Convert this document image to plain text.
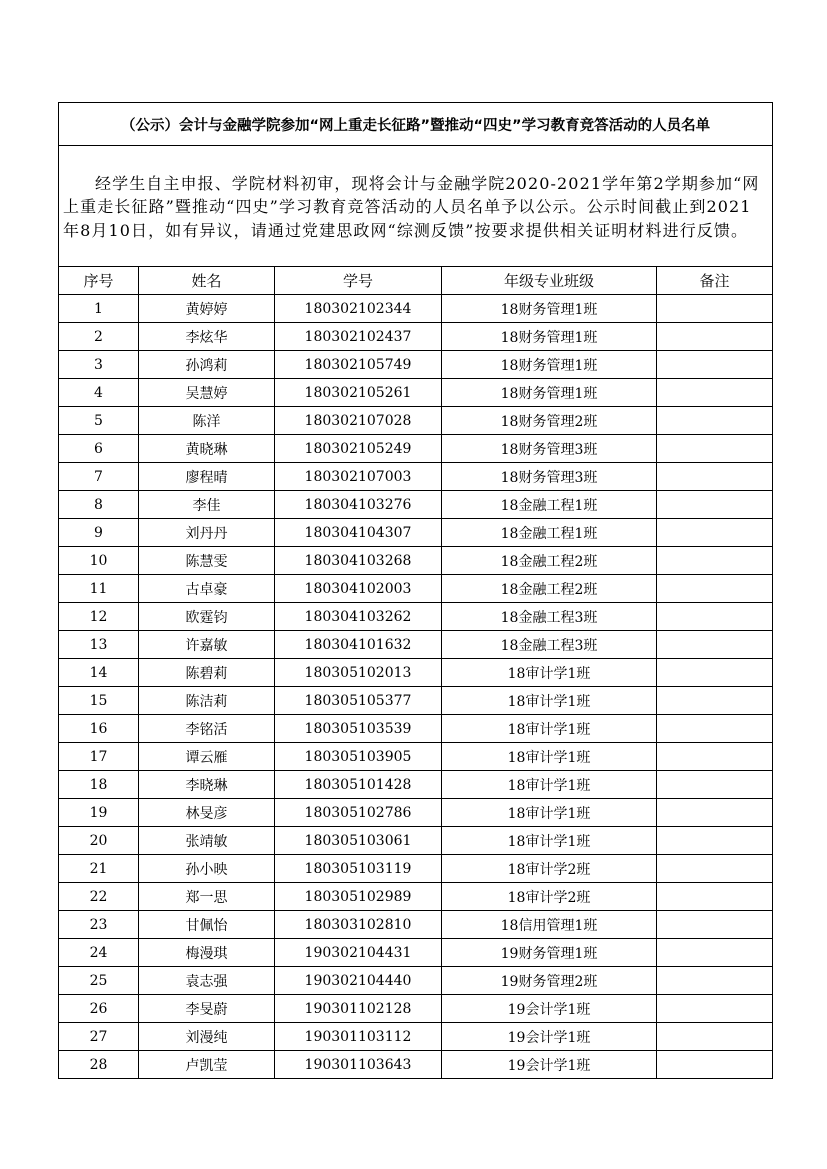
（公示）会计与金融学院参加“网上重走长征路”暨推动“四史”学习教育竞答活动的人员名单				

经学生自主申报、学院材料初审，现将会计与金融学院2020-2021学年第2学期参加“网上重走长征路”暨推动“四史”学习教育竞答活动的人员名单予以公示。公示时间截止到2021年8月10日，如有异议，请通过党建思政网“综测反馈”按要求提供相关证明材料进行反馈。				

序号	姓名	学号	年级专业班级	备注
1	黄婷婷	180302102344	18财务管理1班	
2	李炫华	180302102437	18财务管理1班	
3	孙鸿莉	180302105749	18财务管理1班	
4	吴慧婷	180302105261	18财务管理1班	
5	陈洋	180302107028	18财务管理2班	
6	黄晓琳	180302105249	18财务管理3班	
7	廖程晴	180302107003	18财务管理3班	
8	李佳	180304103276	18金融工程1班	
9	刘丹丹	180304104307	18金融工程1班	
10	陈慧雯	180304103268	18金融工程2班	
11	古卓豪	180304102003	18金融工程2班	
12	欧霆钧	180304103262	18金融工程3班	
13	许嘉敏	180304101632	18金融工程3班	
14	陈碧莉	180305102013	18审计学1班	
15	陈洁莉	180305105377	18审计学1班	
16	李铭活	180305103539	18审计学1班	
17	谭云雁	180305103905	18审计学1班	
18	李晓琳	180305101428	18审计学1班	
19	林旻彦	180305102786	18审计学1班	
20	张靖敏	180305103061	18审计学1班	
21	孙小映	180305103119	18审计学2班	
22	郑一思	180305102989	18审计学2班	
23	甘佩怡	180303102810	18信用管理1班	
24	梅漫琪	190302104431	19财务管理1班	
25	袁志强	190302104440	19财务管理2班	
26	李旻蔚	190301102128	19会计学1班	
27	刘漫纯	190301103112	19会计学1班	
28	卢凯莹	190301103643	19会计学1班	
